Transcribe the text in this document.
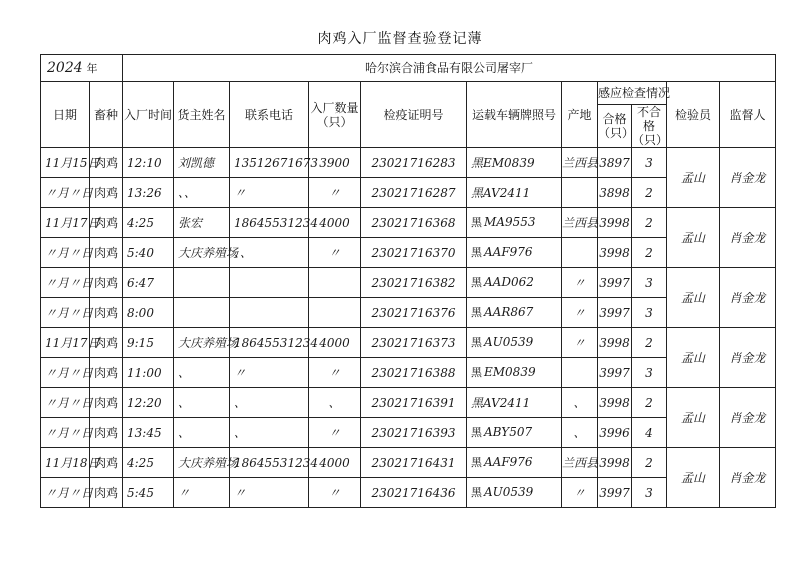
肉鸡入厂监督查验登记薄
2024 年		哈尔滨合浦食品有限公司屠宰厂										
日期	畜种	入厂时间	货主姓名	联系电话	入厂数量（只）	检疫证明号	运载车辆牌照号	产地	感应检查情况		检验员	监督人
									合格（只）	不合格（只）		
11月15日	肉鸡	12:10	刘凯德	13512671673	3900	23021716283	黑EM0839	兰西县	3897	3	孟山	肖金龙
〃月〃日	肉鸡	13:26	、、	〃	〃	23021716287	黑AV2411		3898	2		
11月17日	肉鸡	4:25	张宏	18645531234	4000	23021716368	黑 MA9553	兰西县	3998	2	孟山	肖金龙
〃月〃日	肉鸡	5:40	大庆养殖场	、、	〃	23021716370	黑 AAF976		3998	2		
〃月〃日	肉鸡	6:47				23021716382	黑 AAD062	〃	3997	3	孟山	肖金龙
〃月〃日	肉鸡	8:00				23021716376	黑 AAR867	〃	3997	3		
11月17日	肉鸡	9:15	大庆养殖场	18645531234	4000	23021716373	黑 AU0539	〃	3998	2	孟山	肖金龙
〃月〃日	肉鸡	11:00	、	〃	〃	23021716388	黑 EM0839		3997	3		
〃月〃日	肉鸡	12:20	、	、	、	23021716391	黑AV2411	、	3998	2	孟山	肖金龙
〃月〃日	肉鸡	13:45	、	、	〃	23021716393	黑 ABY507	、	3996	4		
11月18日	肉鸡	4:25	大庆养殖场	18645531234	4000	23021716431	黑 AAF976	兰西县	3998	2	孟山	肖金龙
〃月〃日	肉鸡	5:45	〃	〃	〃	23021716436	黑 AU0539	〃	3997	3		
